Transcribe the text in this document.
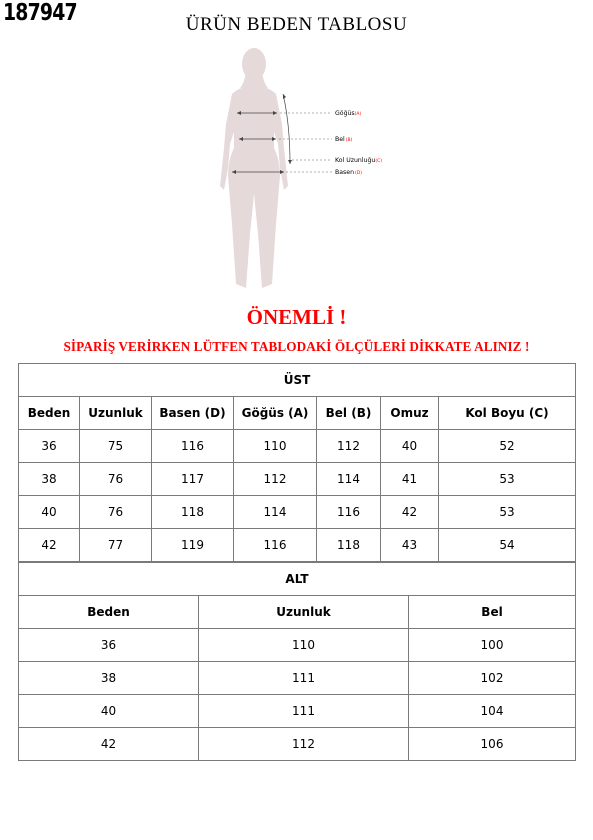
187947	ÜRÜN BEDEN TABLOSU
Göğüs(A)
Bel(B)
Kol Uzunluğu(C)
Basen(D)
ÖNEMLİ !
SİPARİŞ VERİRKEN LÜTFEN TABLODAKİ ÖLÇÜLERİ DİKKATE ALINIZ !
ÜST						
Beden	Uzunluk	Basen (D)	Göğüs (A)	Bel (B)	Omuz	Kol Boyu (C)
36	75	116	110	112	40	52
38	76	117	112	114	41	53
40	76	118	114	116	42	53
42	77	119	116	118	43	54
ALT		
Beden	Uzunluk	Bel
36	110	100
38	111	102
40	111	104
42	112	106
